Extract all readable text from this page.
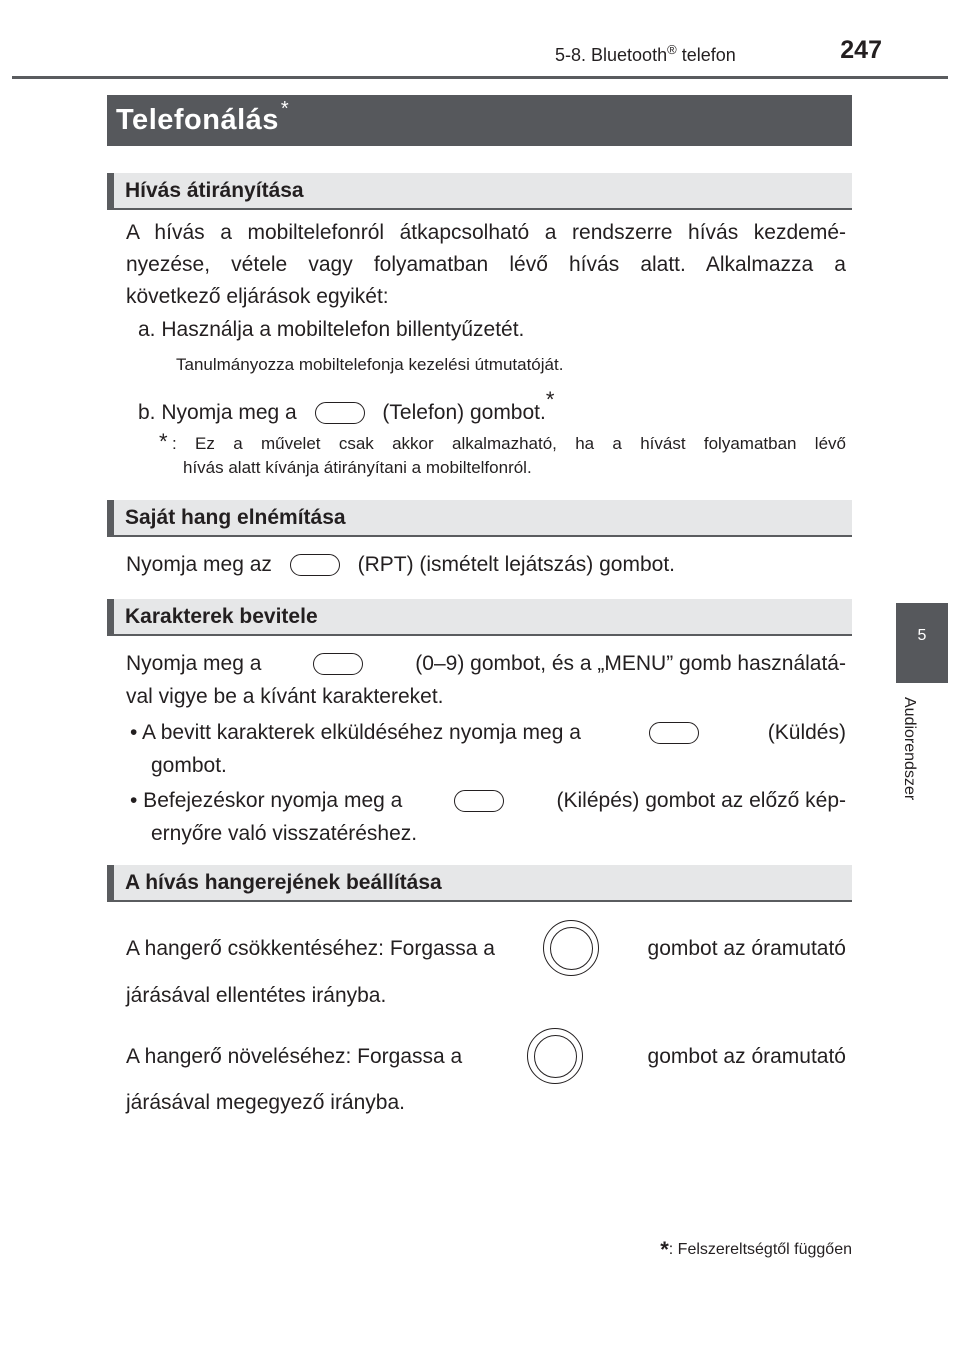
5-8. Bluetooth® telefon	247
Telefonálás *
Hívás átirányítása
A hívás a mobiltelefonról átkapcsolható a rendszerre hívás kezdemé-
nyezése, vétele vagy folyamatban lévő hívás alatt. Alkalmazza a
következő eljárások egyikét:
a. Használja a mobiltelefon billentyűzetét.
Tanulmányozza mobiltelefonja kezelési útmutatóját.
b. Nyomja meg a	(Telefon) gombot.*
* : Ez a művelet csak akkor alkalmazható, ha a hívást folyamatban lévő
hívás alatt kívánja átirányítani a mobiltelfonról.
Saját hang elnémítása
Nyomja meg az	(RPT) (ismételt lejátszás) gombot.
Karakterek bevitele
Nyomja meg a	(0–9) gombot, és a „MENU” gomb használatá-
val vigye be a kívánt karaktereket.
• A bevitt karakterek elküldéséhez nyomja meg a	(Küldés)
gombot.
• Befejezéskor nyomja meg a	(Kilépés) gombot az előző kép-
ernyőre való visszatéréshez.
A hívás hangerejének beállítása
A hangerő csökkentéséhez: Forgassa a	gombot az óramutató
járásával ellentétes irányba.
A hangerő növeléséhez: Forgassa a	gombot az óramutató
járásával megegyező irányba.
5
Audiorendszer
*: Felszereltségtől függően
